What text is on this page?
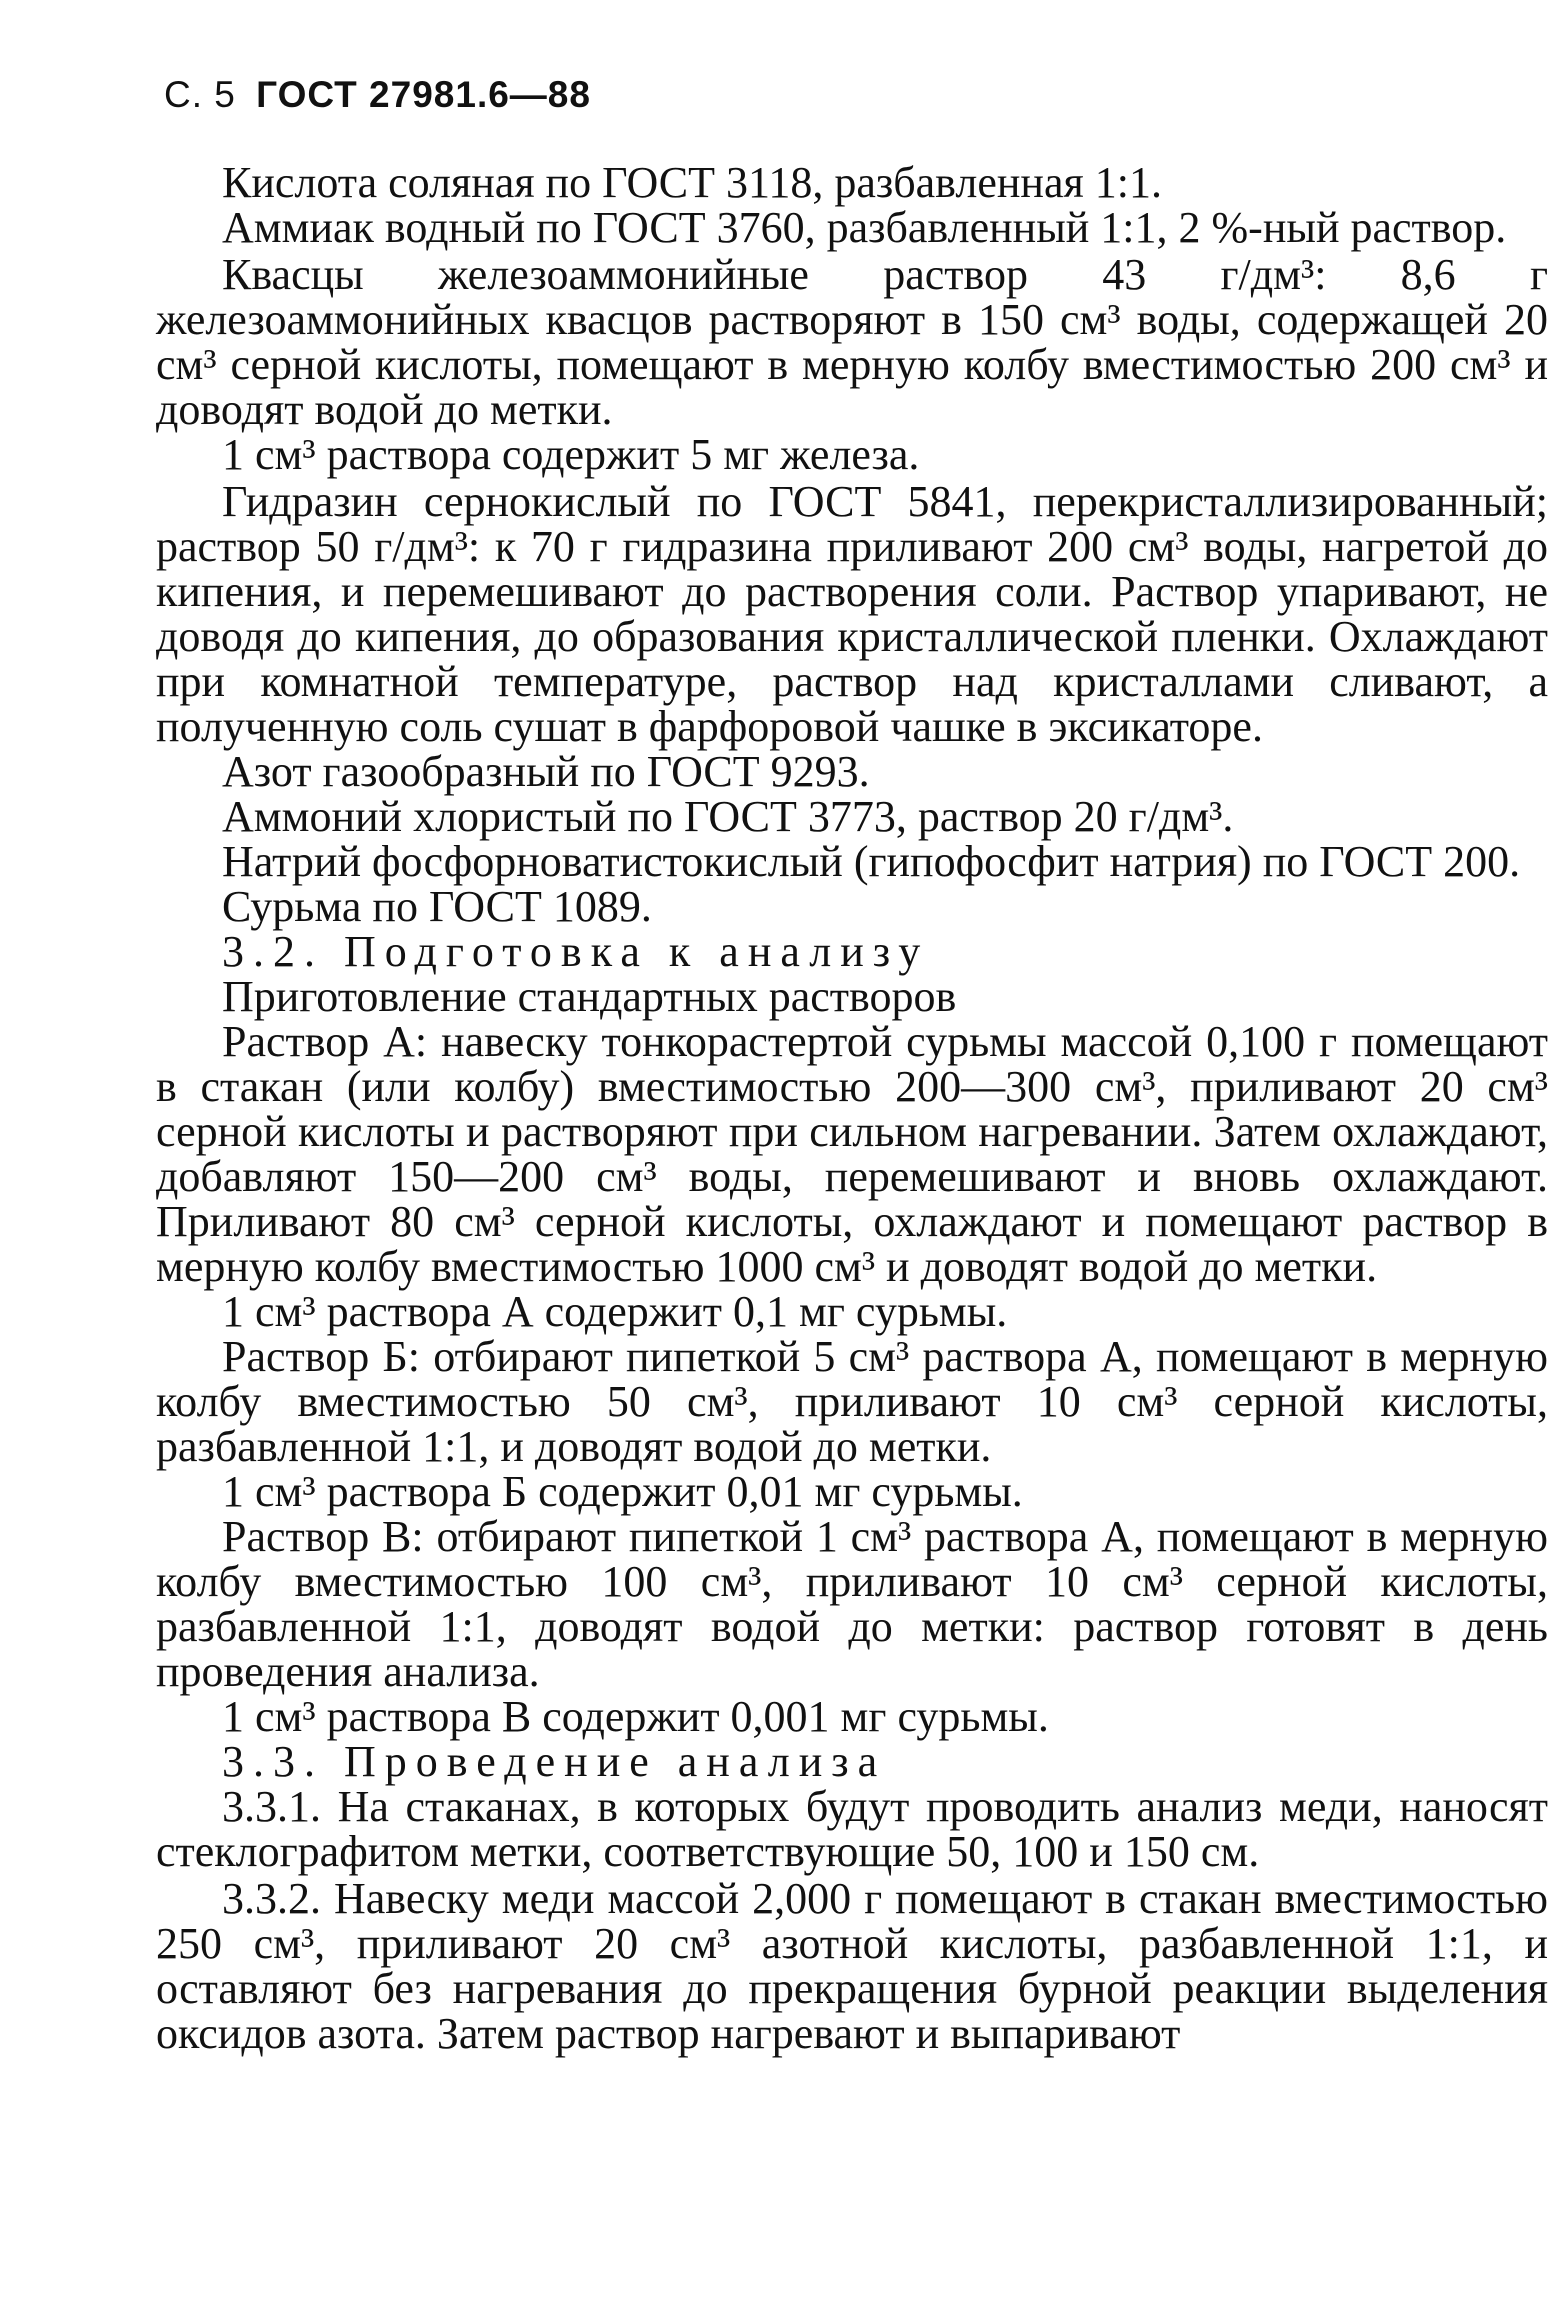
С. 5 ГОСТ 27981.6—88

Кислота соляная по ГОСТ 3118, разбавленная 1:1.

Аммиак водный по ГОСТ 3760, разбавленный 1:1, 2 %-ный раствор.

Квасцы железоаммонийные раствор 43 г/дм³: 8,6 г железоаммонийных квасцов растворяют в 150 см³ воды, содержащей 20 см³ серной кислоты, помещают в мерную колбу вместимостью 200 см³ и доводят водой до метки.

1 см³ раствора содержит 5 мг железа.

Гидразин сернокислый по ГОСТ 5841, перекристаллизированный; раствор 50 г/дм³: к 70 г гидразина приливают 200 см³ воды, нагретой до кипения, и перемешивают до растворения соли. Раствор упаривают, не доводя до кипения, до образования кристаллической пленки. Охлаждают при комнатной температуре, раствор над кристаллами сливают, а полученную соль сушат в фарфоровой чашке в эксикаторе.

Азот газообразный по ГОСТ 9293.

Аммоний хлористый по ГОСТ 3773, раствор 20 г/дм³.

Натрий фосфорноватистокислый (гипофосфит натрия) по ГОСТ 200.

Сурьма по ГОСТ 1089.

3.2. Подготовка к анализу

Приготовление стандартных растворов

Раствор А: навеску тонкорастертой сурьмы массой 0,100 г помещают в стакан (или колбу) вместимостью 200—300 см³, приливают 20 см³ серной кислоты и растворяют при сильном нагревании. Затем охлаждают, добавляют 150—200 см³ воды, перемешивают и вновь охлаждают. Приливают 80 см³ серной кислоты, охлаждают и помещают раствор в мерную колбу вместимостью 1000 см³ и доводят водой до метки.

1 см³ раствора А содержит 0,1 мг сурьмы.

Раствор Б: отбирают пипеткой 5 см³ раствора А, помещают в мерную колбу вместимостью 50 см³, приливают 10 см³ серной кислоты, разбавленной 1:1, и доводят водой до метки.

1 см³ раствора Б содержит 0,01 мг сурьмы.

Раствор В: отбирают пипеткой 1 см³ раствора А, помещают в мерную колбу вместимостью 100 см³, приливают 10 см³ серной кислоты, разбавленной 1:1, доводят водой до метки: раствор готовят в день проведения анализа.

1 см³ раствора В содержит 0,001 мг сурьмы.

3.3. Проведение анализа

3.3.1. На стаканах, в которых будут проводить анализ меди, наносят стеклографитом метки, соответствующие 50, 100 и 150 см.

3.3.2. Навеску меди массой 2,000 г помещают в стакан вместимостью 250 см³, приливают 20 см³ азотной кислоты, разбавленной 1:1, и оставляют без нагревания до прекращения бурной реакции выделения оксидов азота. Затем раствор нагревают и выпаривают
